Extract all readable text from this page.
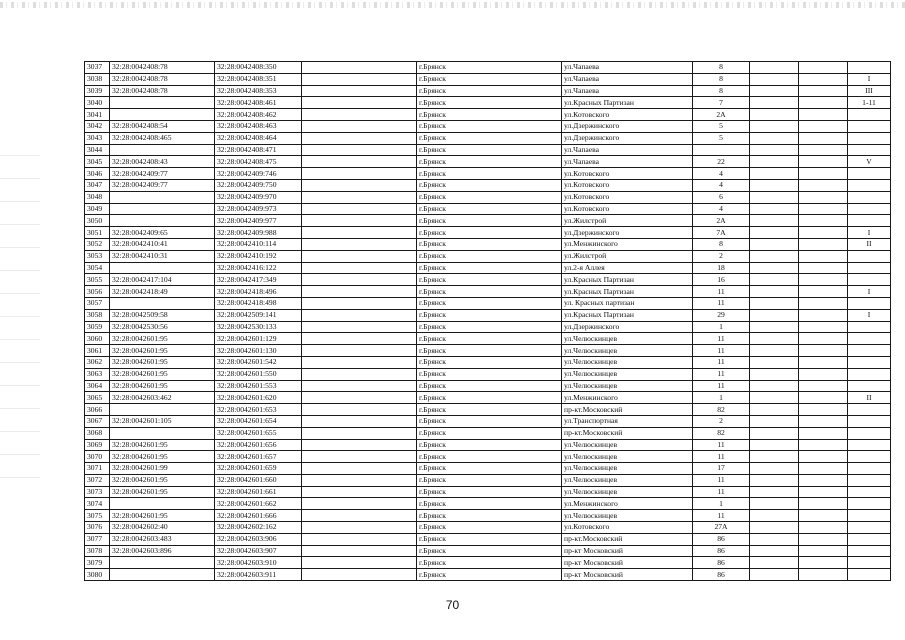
3037	32:28:0042408:78	32:28:0042408:350		г.Брянск	ул.Чапаева	8			
3038	32:28:0042408:78	32:28:0042408:351		г.Брянск	ул.Чапаева	8			I
3039	32:28:0042408:78	32:28:0042408:353		г.Брянск	ул.Чапаева	8			III
3040		32:28:0042408:461		г.Брянск	ул.Красных Партизан	7			1-11
3041		32:28:0042408:462		г.Брянск	ул.Котовского	2А			
3042	32:28:0042408:54	32:28:0042408:463		г.Брянск	ул.Дзержинского	5			
3043	32:28:0042408:465	32:28:0042408:464		г.Брянск	ул.Дзержинского	5			
3044		32:28:0042408:471		г.Брянск	ул.Чапаева				
3045	32:28:0042408:43	32:28:0042408:475		г.Брянск	ул.Чапаева	22			V
3046	32:28:0042409:77	32:28:0042409:746		г.Брянск	ул.Котовского	4			
3047	32:28:0042409:77	32:28:0042409:750		г.Брянск	ул.Котовского	4			
3048		32:28:0042409:970		г.Брянск	ул.Котовского	6			
3049		32:28:0042409:973		г.Брянск	ул.Котовского	4			
3050		32:28:0042409:977		г.Брянск	ул.Жилстрой	2А			
3051	32:28:0042409:65	32:28:0042409:988		г.Брянск	ул.Дзержинского	7А			I
3052	32:28:0042410:41	32:28:0042410:114		г.Брянск	ул.Менжинского	8			II
3053	32:28:0042410:31	32:28:0042410:192		г.Брянск	ул.Жилстрой	2			
3054		32:28:0042416:122		г.Брянск	ул.2-я Аллея	18			
3055	32:28:0042417:104	32:28:0042417:349		г.Брянск	ул.Красных Партизан	16			
3056	32:28:0042418:49	32:28:0042418:496		г.Брянск	ул.Красных Партизан	11			I
3057		32:28:0042418:498		г.Брянск	ул. Красных партизан	11			
3058	32:28:0042509:58	32:28:0042509:141		г.Брянск	ул.Красных Партизан	29			I
3059	32:28:0042530:56	32:28:0042530:133		г.Брянск	ул.Дзержинского	1			
3060	32:28:0042601:95	32:28:0042601:129		г.Брянск	ул.Челюскинцев	11			
3061	32:28:0042601:95	32:28:0042601:130		г.Брянск	ул.Челюскинцев	11			
3062	32:28:0042601:95	32:28:0042601:542		г.Брянск	ул.Челюскинцев	11			
3063	32:28:0042601:95	32:28:0042601:550		г.Брянск	ул.Челюскинцев	11			
3064	32:28:0042601:95	32:28:0042601:553		г.Брянск	ул.Челюскинцев	11			
3065	32:28:0042603:462	32:28:0042601:620		г.Брянск	ул.Менжинского	1			II
3066		32:28:0042601:653		г.Брянск	пр-кт.Московский	82			
3067	32:28:0042601:105	32:28:0042601:654		г.Брянск	ул.Транспортная	2			
3068		32:28:0042601:655		г.Брянск	пр-кт.Московский	82			
3069	32:28:0042601:95	32:28:0042601:656		г.Брянск	ул.Челюскинцев	11			
3070	32:28:0042601:95	32:28:0042601:657		г.Брянск	ул.Челюскинцев	11			
3071	32:28:0042601:99	32:28:0042601:659		г.Брянск	ул.Челюскинцев	17			
3072	32:28:0042601:95	32:28:0042601:660		г.Брянск	ул.Челюскинцев	11			
3073	32:28:0042601:95	32:28:0042601:661		г.Брянск	ул.Челюскинцев	11			
3074		32:28:0042601:662		г.Брянск	ул.Менжинского	1			
3075	32:28:0042601:95	32:28:0042601:666		г.Брянск	ул.Челюскинцев	11			
3076	32:28:0042602:40	32:28:0042602:162		г.Брянск	ул.Котовского	27А			
3077	32:28:0042603:483	32:28:0042603:906		г.Брянск	пр-кт.Московский	86			
3078	32:28:0042603:896	32:28:0042603:907		г.Брянск	пр-кт Московский	86			
3079		32:28:0042603:910		г.Брянск	пр-кт Московский	86			
3080		32:28:0042603:911		г.Брянск	пр-кт Московский	86			
70
